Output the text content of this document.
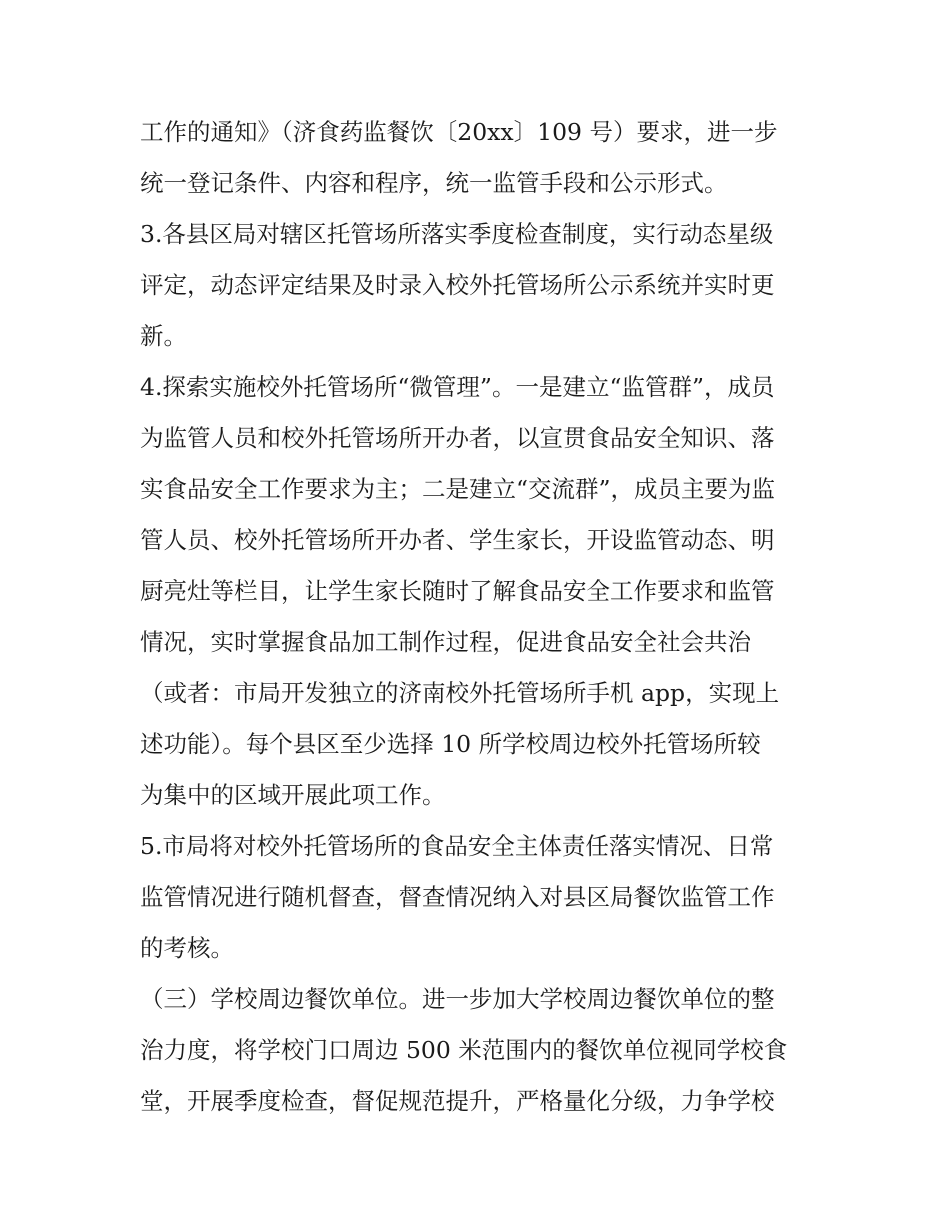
工作的通知》（济食药监餐饮〔20xx〕109 号）要求，进一步
统一登记条件、内容和程序，统一监管手段和公示形式。
3.各县区局对辖区托管场所落实季度检查制度，实行动态星级
评定，动态评定结果及时录入校外托管场所公示系统并实时更
新。
4.探索实施校外托管场所“微管理”。一是建立“监管群”，成员
为监管人员和校外托管场所开办者，以宣贯食品安全知识、落
实食品安全工作要求为主；二是建立“交流群”，成员主要为监
管人员、校外托管场所开办者、学生家长，开设监管动态、明
厨亮灶等栏目，让学生家长随时了解食品安全工作要求和监管
情况，实时掌握食品加工制作过程，促进食品安全社会共治
（或者：市局开发独立的济南校外托管场所手机 app，实现上
述功能）。每个县区至少选择 10 所学校周边校外托管场所较
为集中的区域开展此项工作。
5.市局将对校外托管场所的食品安全主体责任落实情况、日常
监管情况进行随机督查，督查情况纳入对县区局餐饮监管工作
的考核。
（三）学校周边餐饮单位。进一步加大学校周边餐饮单位的整
治力度，将学校门口周边 500 米范围内的餐饮单位视同学校食
堂，开展季度检查，督促规范提升，严格量化分级，力争学校
